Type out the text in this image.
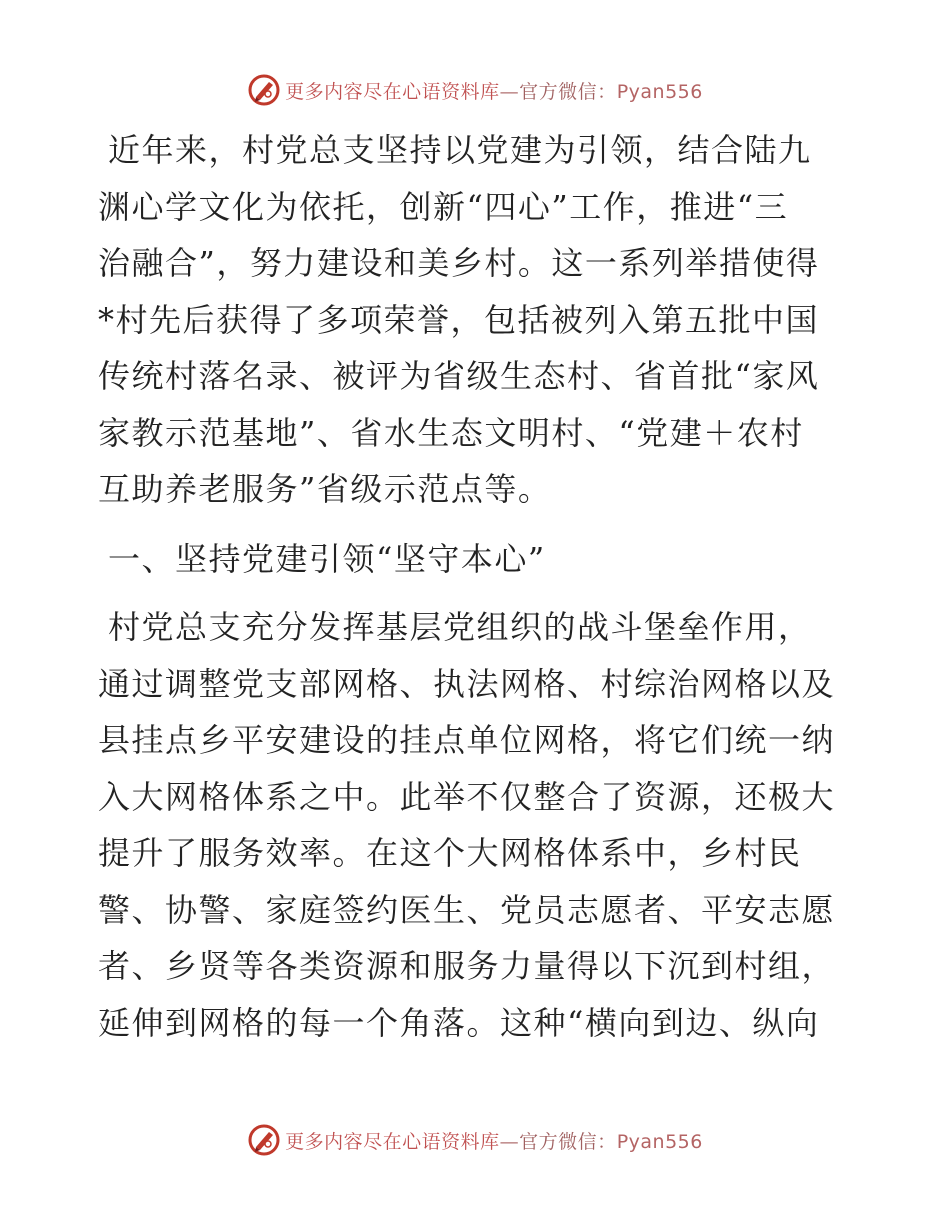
更多内容尽在心语资料库—官方微信：Pyan556

近年来，村党总支坚持以党建为引领，结合陆九
渊心学文化为依托，创新“四心”工作，推进“三
治融合”，努力建设和美乡村。这一系列举措使得
*村先后获得了多项荣誉，包括被列入第五批中国
传统村落名录、被评为省级生态村、省首批“家风
家教示范基地”、省水生态文明村、“党建＋农村
互助养老服务”省级示范点等。

一、坚持党建引领“坚守本心”

村党总支充分发挥基层党组织的战斗堡垒作用，
通过调整党支部网格、执法网格、村综治网格以及
县挂点乡平安建设的挂点单位网格，将它们统一纳
入大网格体系之中。此举不仅整合了资源，还极大
提升了服务效率。在这个大网格体系中，乡村民
警、协警、家庭签约医生、党员志愿者、平安志愿
者、乡贤等各类资源和服务力量得以下沉到村组，
延伸到网格的每一个角落。这种“横向到边、纵向

更多内容尽在心语资料库—官方微信：Pyan556
